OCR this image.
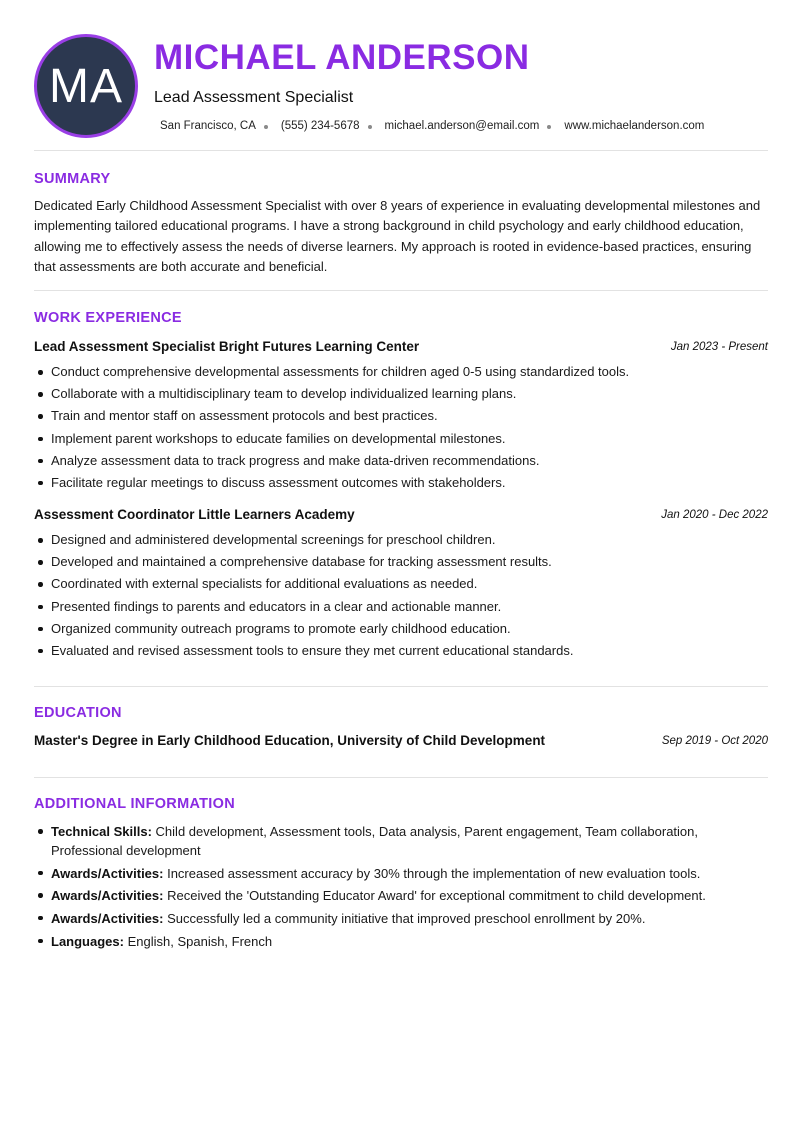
MA
MICHAEL ANDERSON
Lead Assessment Specialist
San Francisco, CA (555) 234-5678 michael.anderson@email.com www.michaelanderson.com
SUMMARY

Dedicated Early Childhood Assessment Specialist with over 8 years of experience in evaluating developmental milestones and implementing tailored educational programs. I have a strong background in child psychology and early childhood education, allowing me to effectively assess the needs of diverse learners. My approach is rooted in evidence-based practices, ensuring that assessments are both accurate and beneficial.

WORK EXPERIENCE
Lead Assessment Specialist Bright Futures Learning Center	Jan 2023 - Present
Conduct comprehensive developmental assessments for children aged 0-5 using standardized tools.
Collaborate with a multidisciplinary team to develop individualized learning plans.
Train and mentor staff on assessment protocols and best practices.
Implement parent workshops to educate families on developmental milestones.
Analyze assessment data to track progress and make data-driven recommendations.
Facilitate regular meetings to discuss assessment outcomes with stakeholders.
Assessment Coordinator Little Learners Academy	Jan 2020 - Dec 2022
Designed and administered developmental screenings for preschool children.
Developed and maintained a comprehensive database for tracking assessment results.
Coordinated with external specialists for additional evaluations as needed.
Presented findings to parents and educators in a clear and actionable manner.
Organized community outreach programs to promote early childhood education.
Evaluated and revised assessment tools to ensure they met current educational standards.
EDUCATION
Master's Degree in Early Childhood Education, University of Child Development	Sep 2019 - Oct 2020
ADDITIONAL INFORMATION
Technical Skills: Child development, Assessment tools, Data analysis, Parent engagement, Team collaboration, Professional development
Awards/Activities: Increased assessment accuracy by 30% through the implementation of new evaluation tools.
Awards/Activities: Received the 'Outstanding Educator Award' for exceptional commitment to child development.
Awards/Activities: Successfully led a community initiative that improved preschool enrollment by 20%.
Languages: English, Spanish, French
